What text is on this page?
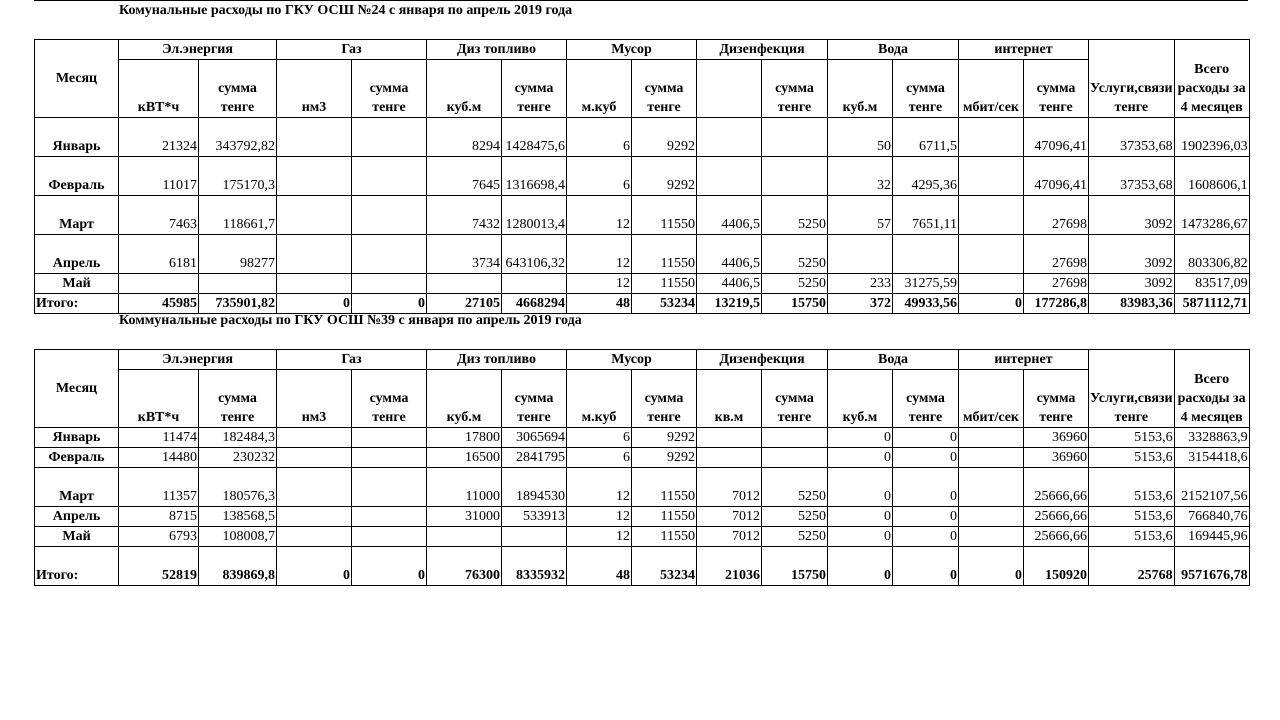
Комунальные расходы по ГКУ ОСШ №24 с января по апрель 2019 года
Месяц	Эл.энергия		Газ		Диз топливо		Мусор		Дизенфекция		Вода		интернет		Услуги,связи тенге	Всего расходы за 4 месяцев
	кВТ*ч	сумма тенге	нм3	сумма тенге	куб.м	сумма тенге	м.куб	сумма тенге		сумма тенге	куб.м	сумма тенге	мбит/сек	сумма тенге		
Январь	21324	343792,82			8294	1428475,6	6	9292			50	6711,5		47096,41	37353,68	1902396,03
Февраль	11017	175170,3			7645	1316698,4	6	9292			32	4295,36		47096,41	37353,68	1608606,1
Март	7463	118661,7			7432	1280013,4	12	11550	4406,5	5250	57	7651,11		27698	3092	1473286,67
Апрель	6181	98277			3734	643106,32	12	11550	4406,5	5250				27698	3092	803306,82
Май							12	11550	4406,5	5250	233	31275,59		27698	3092	83517,09
Итого:	45985	735901,82	0	0	27105	4668294	48	53234	13219,5	15750	372	49933,56	0	177286,8	83983,36	5871112,71
Коммунальные расходы по ГКУ ОСШ №39 с января по апрель 2019 года
Месяц	Эл.энергия		Газ		Диз топливо		Мусор		Дизенфекция		Вода		интернет		Услуги,связи тенге	Всего расходы за 4 месяцев
	кВТ*ч	сумма тенге	нм3	сумма тенге	куб.м	сумма тенге	м.куб	сумма тенге	кв.м	сумма тенге	куб.м	сумма тенге	мбит/сек	сумма тенге		
Январь	11474	182484,3			17800	3065694	6	9292			0	0		36960	5153,6	3328863,9
Февраль	14480	230232			16500	2841795	6	9292			0	0		36960	5153,6	3154418,6
Март	11357	180576,3			11000	1894530	12	11550	7012	5250	0	0		25666,66	5153,6	2152107,56
Апрель	8715	138568,5			31000	533913	12	11550	7012	5250	0	0		25666,66	5153,6	766840,76
Май	6793	108008,7					12	11550	7012	5250	0	0		25666,66	5153,6	169445,96
Итого:	52819	839869,8	0	0	76300	8335932	48	53234	21036	15750	0	0	0	150920	25768	9571676,78
